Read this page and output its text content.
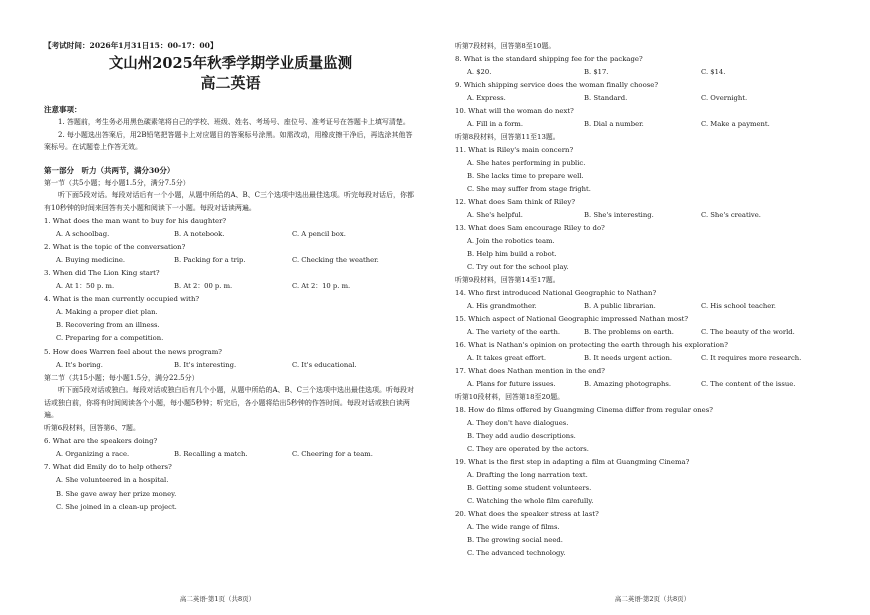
【考试时间：2026年1月31日15：00-17：00】
文山州2025年秋季学期学业质量监测
高二英语
注意事项：
1. 答题前，考生务必用黑色碳素笔将自己的学校、班级、姓名、考场号、座位号、准考证号在答题卡上填写清楚。
2. 每小题选出答案后，用2B铅笔把答题卡上对应题目的答案标号涂黑。如需改动，用橡皮擦干净后，再选涂其他答案标号。在试题卷上作答无效。
第一部分　听力（共两节，满分30分）
第一节（共5小题；每小题1.5分，满分7.5分）
听下面5段对话。每段对话后有一个小题，从题中所给的A、B、C三个选项中选出最佳选项。听完每段对话后，你都有10秒钟的时间来回答有关小题和阅读下一小题。每段对话读两遍。
1. What does the man want to buy for his daughter?
A. A schoolbag.	B. A notebook.	C. A pencil box.
2. What is the topic of the conversation?
A. Buying medicine.	B. Packing for a trip.	C. Checking the weather.
3. When did The Lion King start?
A. At 1：50 p. m.	B. At 2：00 p. m.	C. At 2：10 p. m.
4. What is the man currently occupied with?
A. Making a proper diet plan.
B. Recovering from an illness.
C. Preparing for a competition.
5. How does Warren feel about the news program?
A. It's boring.	B. It's interesting.	C. It's educational.
第二节（共15小题；每小题1.5分，满分22.5分）
听下面5段对话或独白。每段对话或独白后有几个小题，从题中所给的A、B、C三个选项中选出最佳选项。听每段对话或独白前，你将有时间阅读各个小题，每小题5秒钟；听完后，各小题将给出5秒钟的作答时间。每段对话或独白读两遍。
听第6段材料，回答第6、7题。
6. What are the speakers doing?
A. Organizing a race.	B. Recalling a match.	C. Cheering for a team.
7. What did Emily do to help others?
A. She volunteered in a hospital.
B. She gave away her prize money.
C. She joined in a clean-up project.
高二英语·第1页（共8页）
听第7段材料，回答第8至10题。
8. What is the standard shipping fee for the package?
A. $20.	B. $17.	C. $14.
9. Which shipping service does the woman finally choose?
A. Express.	B. Standard.	C. Overnight.
10. What will the woman do next?
A. Fill in a form.	B. Dial a number.	C. Make a payment.
听第8段材料，回答第11至13题。
11. What is Riley's main concern?
A. She hates performing in public.
B. She lacks time to prepare well.
C. She may suffer from stage fright.
12. What does Sam think of Riley?
A. She's helpful.	B. She's interesting.	C. She's creative.
13. What does Sam encourage Riley to do?
A. Join the robotics team.
B. Help him build a robot.
C. Try out for the school play.
听第9段材料，回答第14至17题。
14. Who first introduced National Geographic to Nathan?
A. His grandmother.	B. A public librarian.	C. His school teacher.
15. Which aspect of National Geographic impressed Nathan most?
A. The variety of the earth.	B. The problems on earth.	C. The beauty of the world.
16. What is Nathan's opinion on protecting the earth through his exploration?
A. It takes great effort.	B. It needs urgent action.	C. It requires more research.
17. What does Nathan mention in the end?
A. Plans for future issues.	B. Amazing photographs.	C. The content of the issue.
听第10段材料，回答第18至20题。
18. How do films offered by Guangming Cinema differ from regular ones?
A. They don't have dialogues.
B. They add audio descriptions.
C. They are operated by the actors.
19. What is the first step in adapting a film at Guangming Cinema?
A. Drafting the long narration text.
B. Getting some student volunteers.
C. Watching the whole film carefully.
20. What does the speaker stress at last?
A. The wide range of films.
B. The growing social need.
C. The advanced technology.
高二英语·第2页（共8页）
